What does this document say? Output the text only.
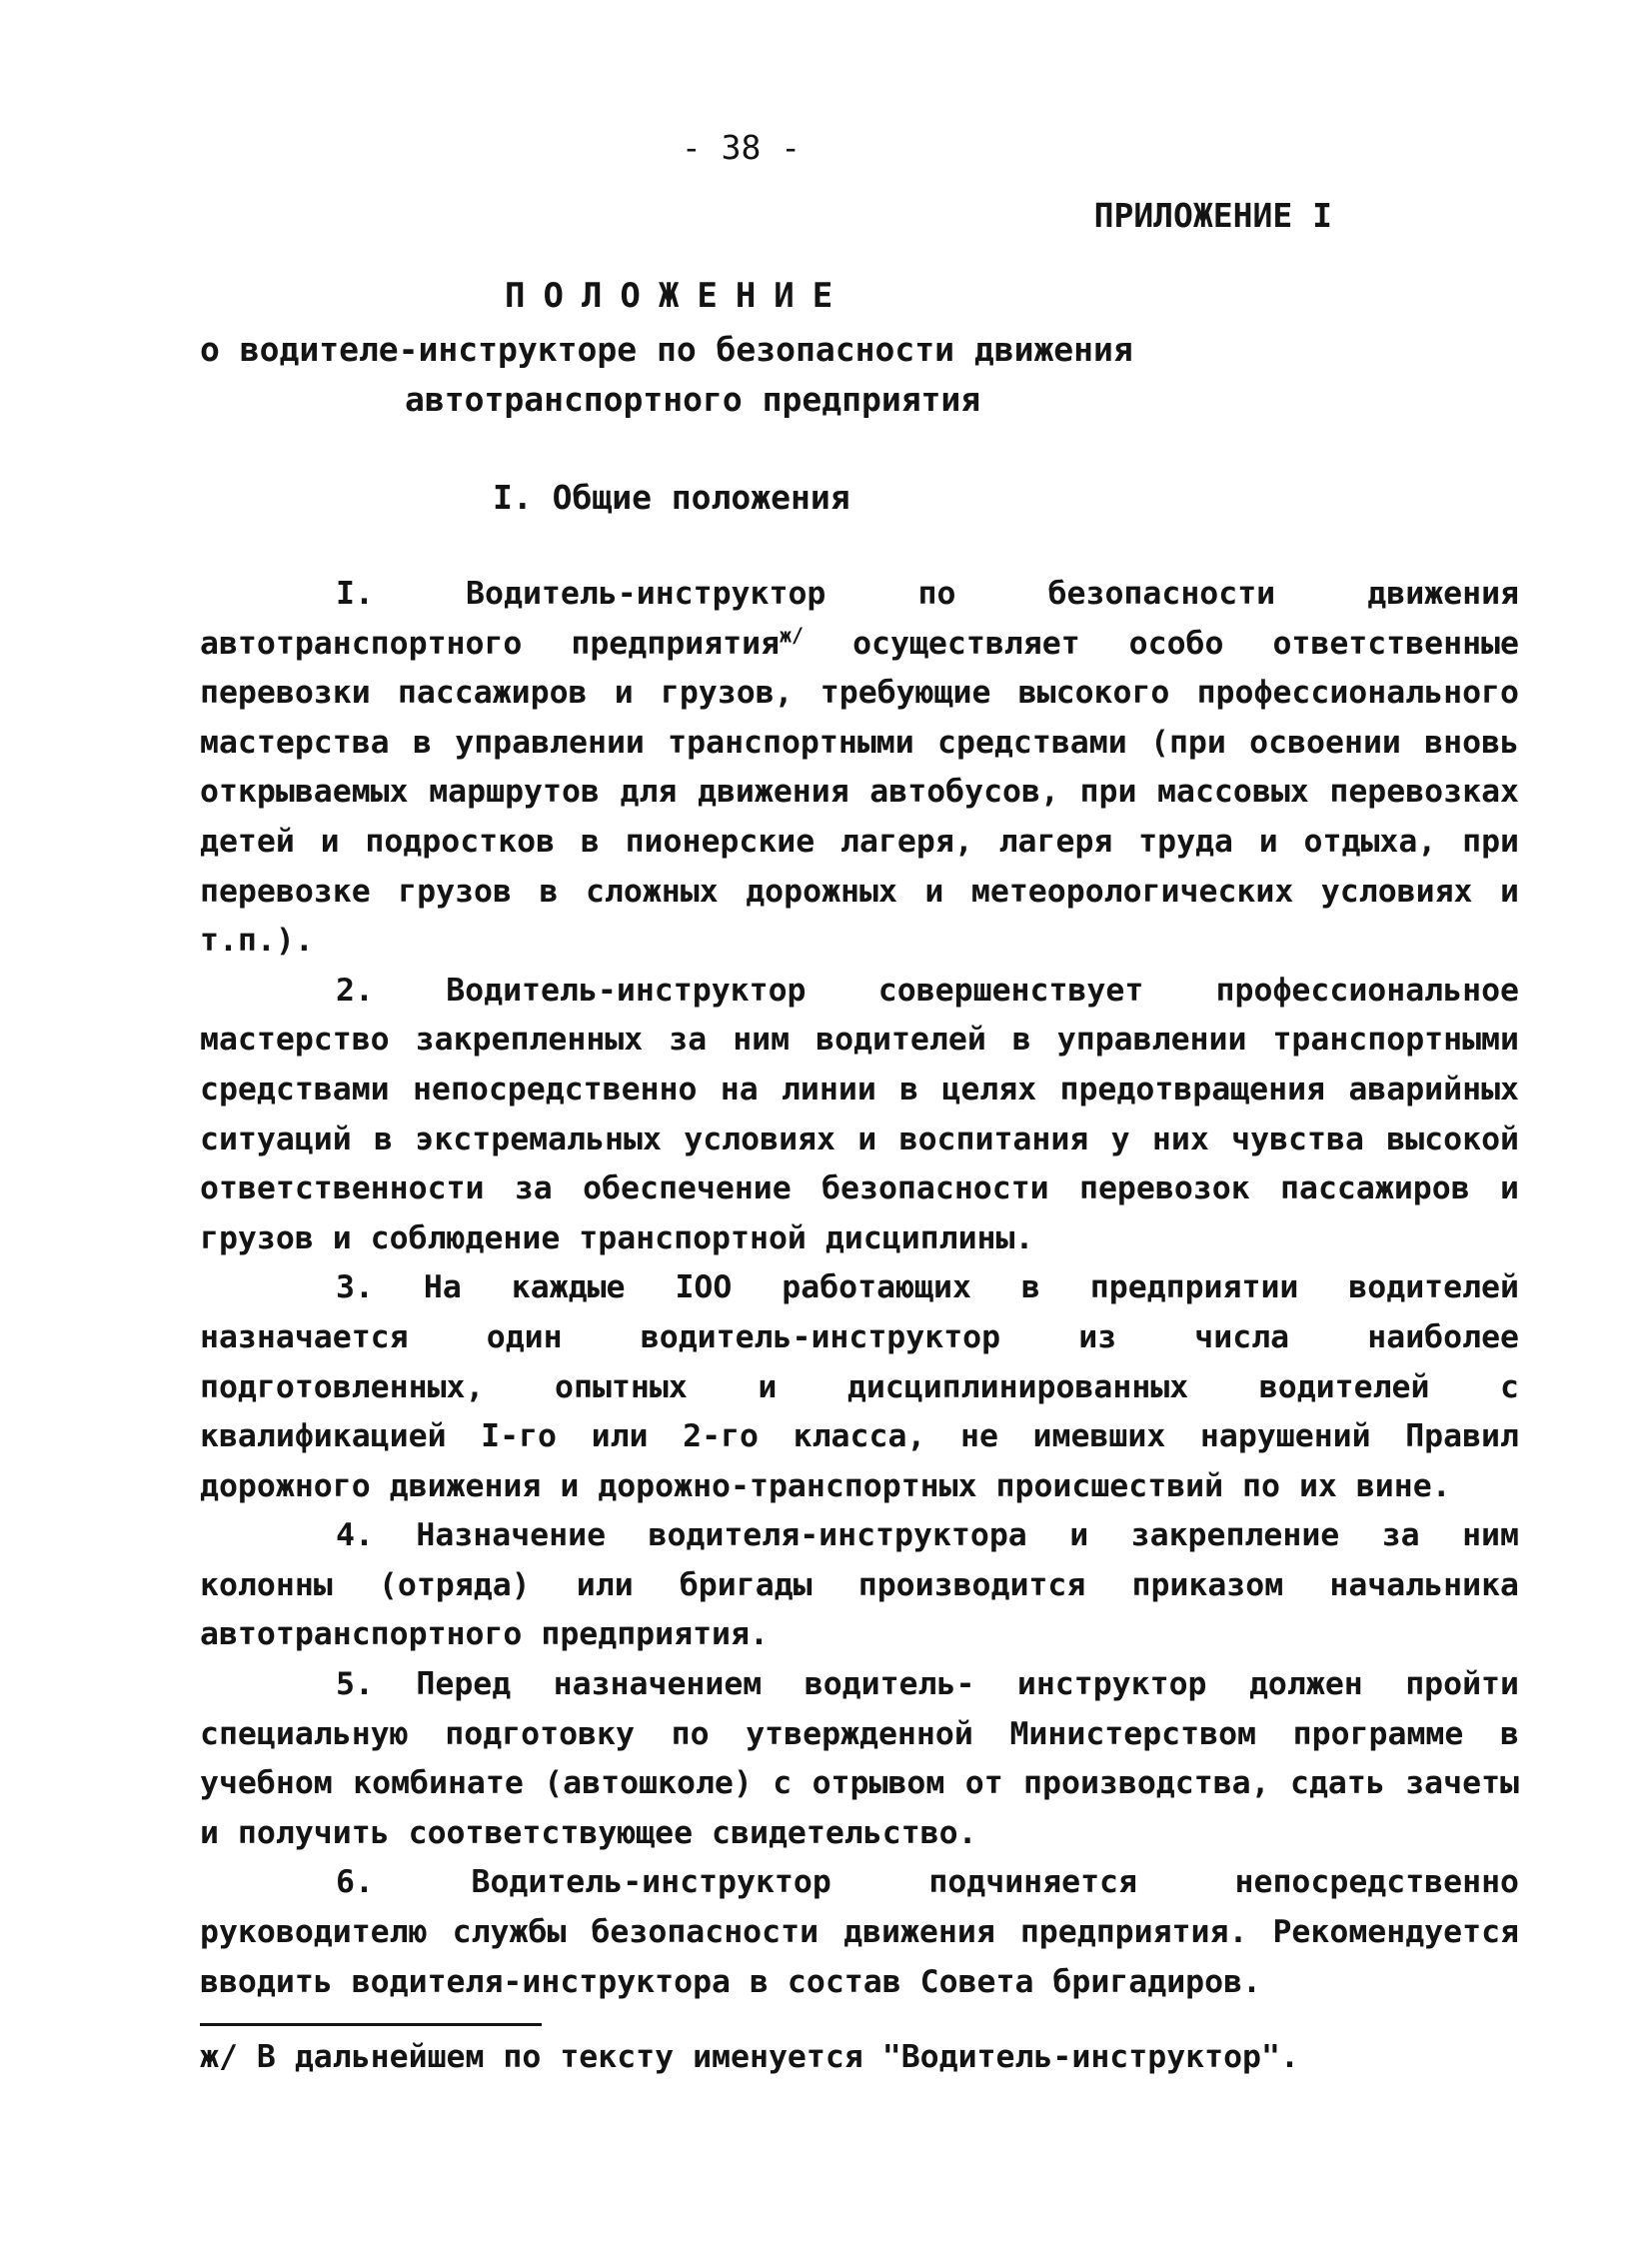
- 38 -
ПРИЛОЖЕНИЕ I
ПОЛОЖЕНИЕ
о водителе-инструкторе по безопасности движения
автотранспортного предприятия
I. Общие положения

I. Водитель-инструктор по безопасности движения автотранспортного предприятия$^{ж/}$ осуществляет особо ответственные перевозки пассажиров и грузов, требующие высокого профессионального мастерства в управлении транспортными средствами (при освоении вновь открываемых маршрутов для движения автобусов, при массовых перевозках детей и подростков в пионерские лагеря, лагеря труда и отдыха, при перевозке грузов в сложных дорожных и метеорологических условиях и т.п.).

2. Водитель-инструктор совершенствует профессиональное мастерство закрепленных за ним водителей в управлении транспортными средствами непосредственно на линии в целях предотвращения аварийных ситуаций в экстремальных условиях и воспитания у них чувства высокой ответственности за обеспечение безопасности перевозок пассажиров и грузов и соблюдение транспортной дисциплины.

3. На каждые IOO работающих в предприятии водителей назначается один водитель-инструктор из числа наиболее подготовленных, опытных и дисциплинированных водителей с квалификацией I-го или 2-го класса, не имевших нарушений Правил дорожного движения и дорожно-транспортных происшествий по их вине.

4. Назначение водителя-инструктора и закрепление за ним колонны (отряда) или бригады производится приказом начальника автотранспортного предприятия.

5. Перед назначением водитель- инструктор должен пройти специальную подготовку по утвержденной Министерством программе в учебном комбинате (автошколе) с отрывом от производства, сдать зачеты и получить соответствующее свидетельство.

6. Водитель-инструктор подчиняется непосредственно руководителю службы безопасности движения предприятия. Рекомендуется вводить водителя-инструктора в состав Совета бригадиров.

ж/ В дальнейшем по тексту именуется "Водитель-инструктор".
